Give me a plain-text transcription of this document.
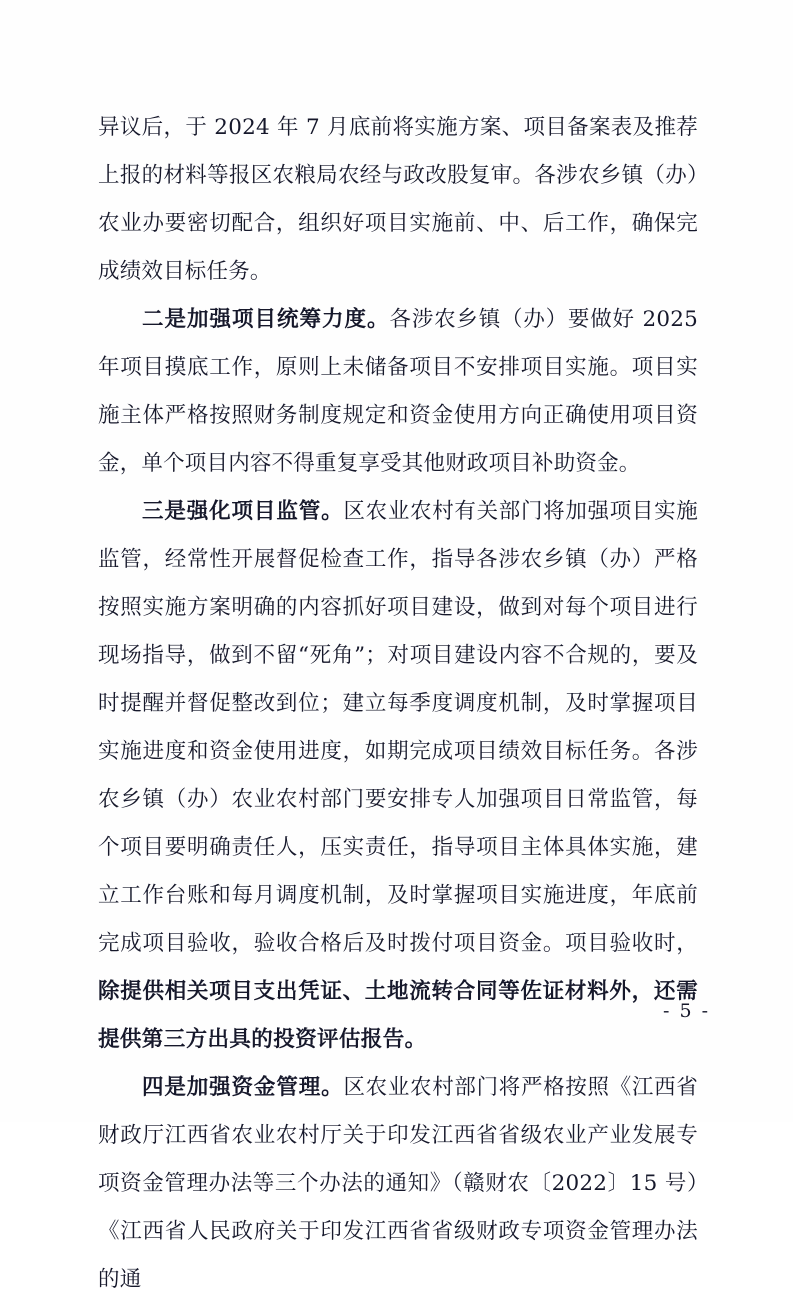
异议后，于 2024 年 7 月底前将实施方案、项目备案表及推荐上报的材料等报区农粮局农经与政改股复审。各涉农乡镇（办）农业办要密切配合，组织好项目实施前、中、后工作，确保完成绩效目标任务。

二是加强项目统筹力度。各涉农乡镇（办）要做好 2025 年项目摸底工作，原则上未储备项目不安排项目实施。项目实施主体严格按照财务制度规定和资金使用方向正确使用项目资金，单个项目内容不得重复享受其他财政项目补助资金。

三是强化项目监管。区农业农村有关部门将加强项目实施监管，经常性开展督促检查工作，指导各涉农乡镇（办）严格按照实施方案明确的内容抓好项目建设，做到对每个项目进行现场指导，做到不留“死角”；对项目建设内容不合规的，要及时提醒并督促整改到位；建立每季度调度机制，及时掌握项目实施进度和资金使用进度，如期完成项目绩效目标任务。各涉农乡镇（办）农业农村部门要安排专人加强项目日常监管，每个项目要明确责任人，压实责任，指导项目主体具体实施，建立工作台账和每月调度机制，及时掌握项目实施进度，年底前完成项目验收，验收合格后及时拨付项目资金。项目验收时，除提供相关项目支出凭证、土地流转合同等佐证材料外，还需提供第三方出具的投资评估报告。

四是加强资金管理。区农业农村部门将严格按照《江西省财政厅江西省农业农村厅关于印发江西省省级农业产业发展专项资金管理办法等三个办法的通知》（赣财农〔2022〕15 号）《江西省人民政府关于印发江西省省级财政专项资金管理办法的通

- 5 -
